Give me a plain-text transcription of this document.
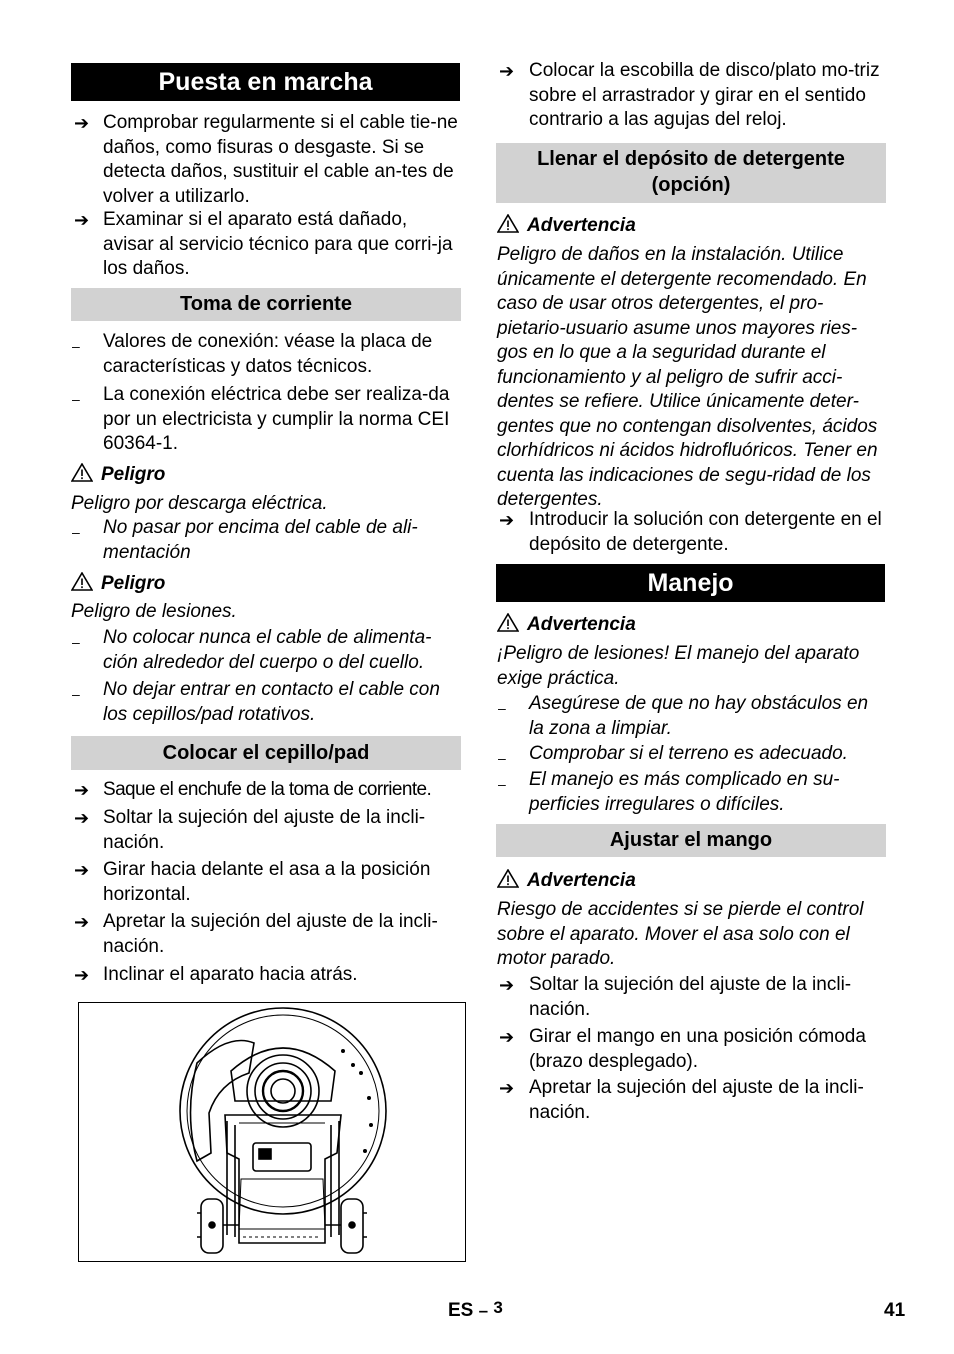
Puesta en marcha
➔ Comprobar regularmente si el cable tie-ne daños, como fisuras o desgaste. Si se detecta daños, sustituir el cable an-tes de volver a utilizarlo.
➔ Examinar si el aparato está dañado, avisar al servicio técnico para que corri-ja los daños.
Toma de corriente
– Valores de conexión: véase la placa de características y datos técnicos.
– La conexión eléctrica debe ser realiza-da por un electricista y cumplir la norma CEI 60364-1.
Peligro
Peligro por descarga eléctrica.
– No pasar por encima del cable de ali-mentación
Peligro
Peligro de lesiones.
– No colocar nunca el cable de alimenta-ción alrededor del cuerpo o del cuello.
– No dejar entrar en contacto el cable con los cepillos/pad rotativos.
Colocar el cepillo/pad
➔ Saque el enchufe de la toma de corriente.
➔ Soltar la sujeción del ajuste de la incli-nación.
➔ Girar hacia delante el asa a la posición horizontal.
➔ Apretar la sujeción del ajuste de la incli-nación.
➔ Inclinar el aparato hacia atrás.
➔ Colocar la escobilla de disco/plato mo-triz sobre el arrastrador y girar en el sentido contrario a las agujas del reloj.
Llenar el depósito de detergente (opción)
Advertencia
Peligro de daños en la instalación. Utilice únicamente el detergente recomendado. En caso de usar otros detergentes, el pro-pietario-usuario asume unos mayores ries-gos en lo que a la seguridad durante el funcionamiento y al peligro de sufrir acci-dentes se refiere. Utilice únicamente deter-gentes que no contengan disolventes, ácidos clorhídricos ni ácidos hidrofluóricos. Tener en cuenta las indicaciones de segu-ridad de los detergentes.
➔ Introducir la solución con detergente en el depósito de detergente.
Manejo
Advertencia
¡Peligro de lesiones! El manejo del aparato exige práctica.
– Asegúrese de que no hay obstáculos en la zona a limpiar.
– Comprobar si el terreno es adecuado.
– El manejo es más complicado en su-perficies irregulares o difíciles.
Ajustar el mango
Advertencia
Riesgo de accidentes si se pierde el control sobre el aparato. Mover el asa solo con el motor parado.
➔ Soltar la sujeción del ajuste de la incli-nación.
➔ Girar el mango en una posición cómoda (brazo desplegado).
➔ Apretar la sujeción del ajuste de la incli-nación.
ES – 3	41
